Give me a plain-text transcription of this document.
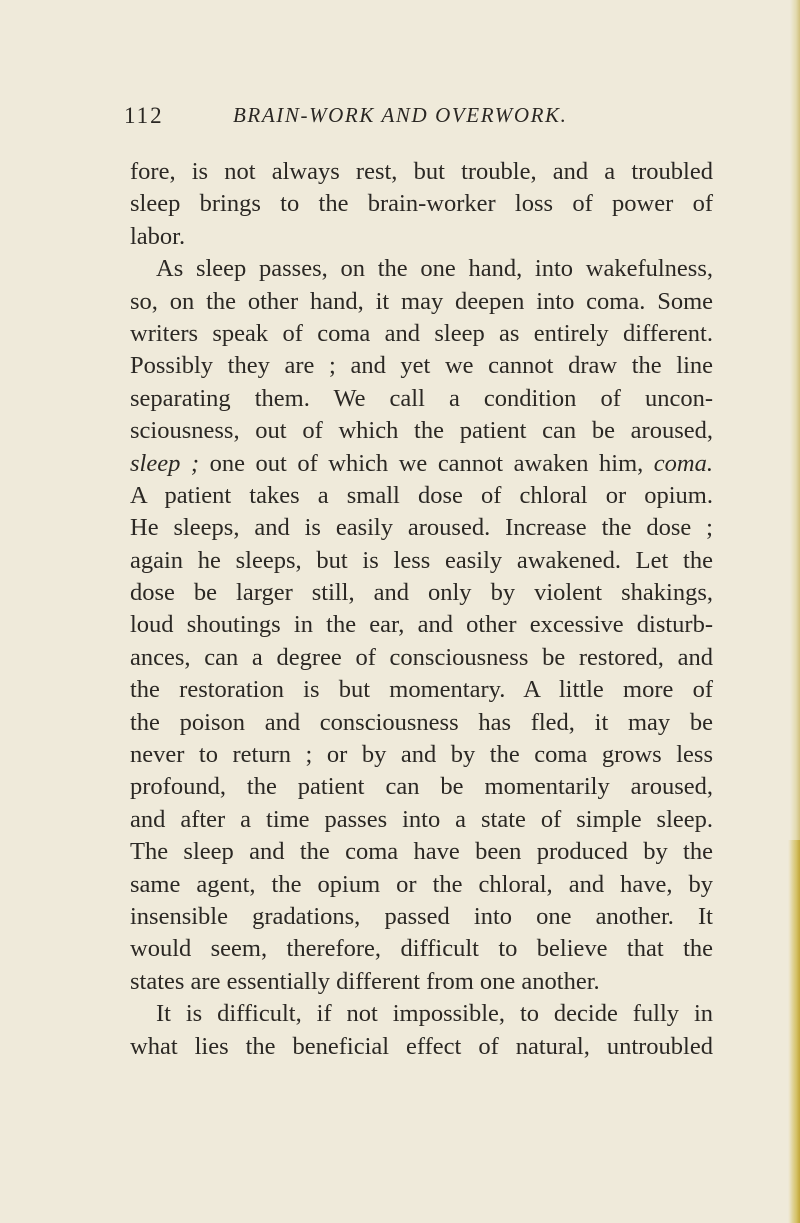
112	BRAIN-WORK AND OVERWORK.
fore, is not always rest, but trouble, and a troubled
sleep brings to the brain-worker loss of power of
labor.
As sleep passes, on the one hand, into wakefulness,
so, on the other hand, it may deepen into coma. Some
writers speak of coma and sleep as entirely different.
Possibly they are ; and yet we cannot draw the line
separating them. We call a condition of uncon-
sciousness, out of which the patient can be aroused,
sleep ; one out of which we cannot awaken him, coma.
A patient takes a small dose of chloral or opium.
He sleeps, and is easily aroused. Increase the dose ;
again he sleeps, but is less easily awakened. Let the
dose be larger still, and only by violent shakings,
loud shoutings in the ear, and other excessive disturb-
ances, can a degree of consciousness be restored, and
the restoration is but momentary. A little more of
the poison and consciousness has fled, it may be
never to return ; or by and by the coma grows less
profound, the patient can be momentarily aroused,
and after a time passes into a state of simple sleep.
The sleep and the coma have been produced by the
same agent, the opium or the chloral, and have, by
insensible gradations, passed into one another. It
would seem, therefore, difficult to believe that the
states are essentially different from one another.
It is difficult, if not impossible, to decide fully in
what lies the beneficial effect of natural, untroubled
